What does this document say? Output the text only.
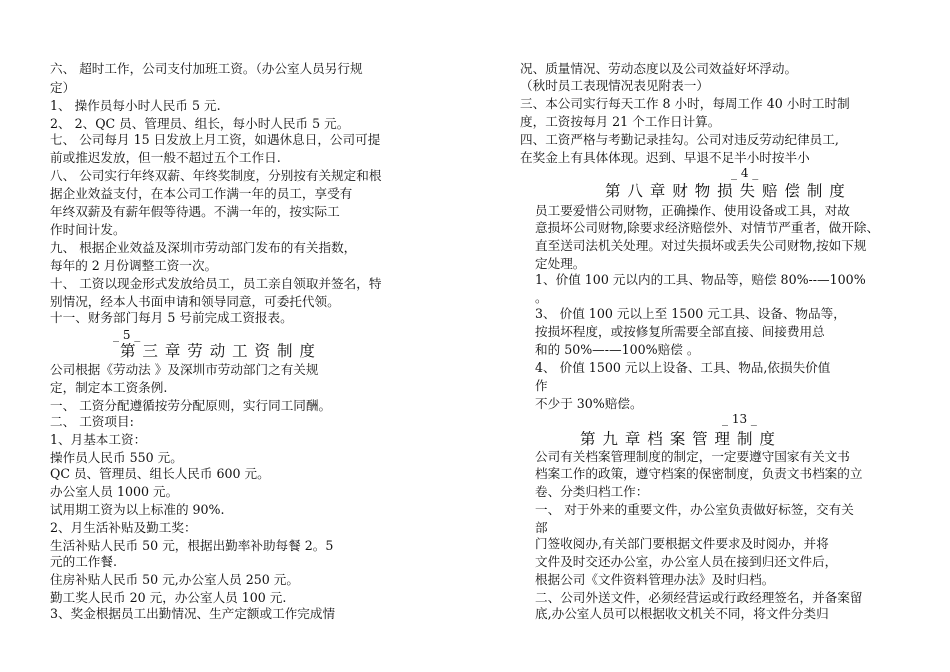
六、 超时工作，公司支付加班工资。（办公室人员另行规
定）
1、 操作员每小时人民币 5 元.
2、 2、QC 员、管理员、组长，每小时人民币 5 元。
七、 公司每月 15 日发放上月工资，如遇休息日，公司可提
前或推迟发放，但一般不超过五个工作日.
八、 公司实行年终双薪、年终奖制度，分别按有关规定和根
据企业效益支付，在本公司工作满一年的员工，享受有
年终双薪及有薪年假等待遇。不满一年的，按实际工
作时间计发。
九、 根据企业效益及深圳市劳动部门发布的有关指数，
每年的 2 月份调整工资一次。
十、 工资以现金形式发放给员工，员工亲自领取并签名，特
别情况，经本人书面申请和领导同意，可委托代领。
十一、财务部门每月 5 号前完成工资报表。
_ 5 _
第 三 章 劳 动 工 资 制 度
公司根据《劳动法 》及深圳市劳动部门之有关规
定，制定本工资条例.
一、 工资分配遵循按劳分配原则，实行同工同酬。
二、 工资项目:
1、月基本工资：
操作员人民币 550 元。
QC 员、管理员、组长人民币 600 元。
办公室人员 1000 元。
试用期工资为以上标准的 90%.
2、月生活补贴及勤工奖：
生活补贴人民币 50 元，根据出勤率补助每餐 2。5
元的工作餐.
住房补贴人民币 50 元,办公室人员 250 元。
勤工奖人民币 20 元，办公室人员 100 元.
3、奖金根据员工出勤情况、生产定额或工作完成情
况、质量情况、劳动态度以及公司效益好坏浮动。
（秋时员工表现情况表见附表一）
三、本公司实行每天工作 8 小时，每周工作 40 小时工时制
度，工资按每月 21 个工作日计算。
四、工资严格与考勤记录挂勾。公司对违反劳动纪律员工,
在奖金上有具体体现。迟到、早退不足半小时按半小
_ 4 _
第 八 章 财 物 损 失 赔 偿 制 度
员工要爱惜公司财物，正确操作、使用设备或工具，对故
意损坏公司财物,除要求经济赔偿外、对情节严重者，做开除、
直至送司法机关处理。对过失损坏或丢失公司财物,按如下规
定处理。
1、价值 100 元以内的工具、物品等，赔偿 80%--—100%
。
3、 价值 100 元以上至 1500 元工具、设备、物品等，
按损坏程度，或按修复所需要全部直接、间接费用总
和的 50%—-—100%赔偿 。
4、 价值 1500 元以上设备、工具、物品,依损失价值
作
不少于 30%赔偿。
_ 13 _
第 九 章 档 案 管 理 制 度
公司有关档案管理制度的制定，一定要遵守国家有关文书
档案工作的政策，遵守档案的保密制度，负责文书档案的立
卷、分类归档工作：
一、 对于外来的重要文件，办公室负责做好标签，交有关
部
门签收阅办,有关部门要根据文件要求及时阅办，并将
文件及时交还办公室，办公室人员在接到归还文件后，
根据公司《文件资料管理办法》及时归档。
二、公司外送文件，必须经营运或行政经理签名，并备案留
底,办公室人员可以根据收文机关不同，将文件分类归
